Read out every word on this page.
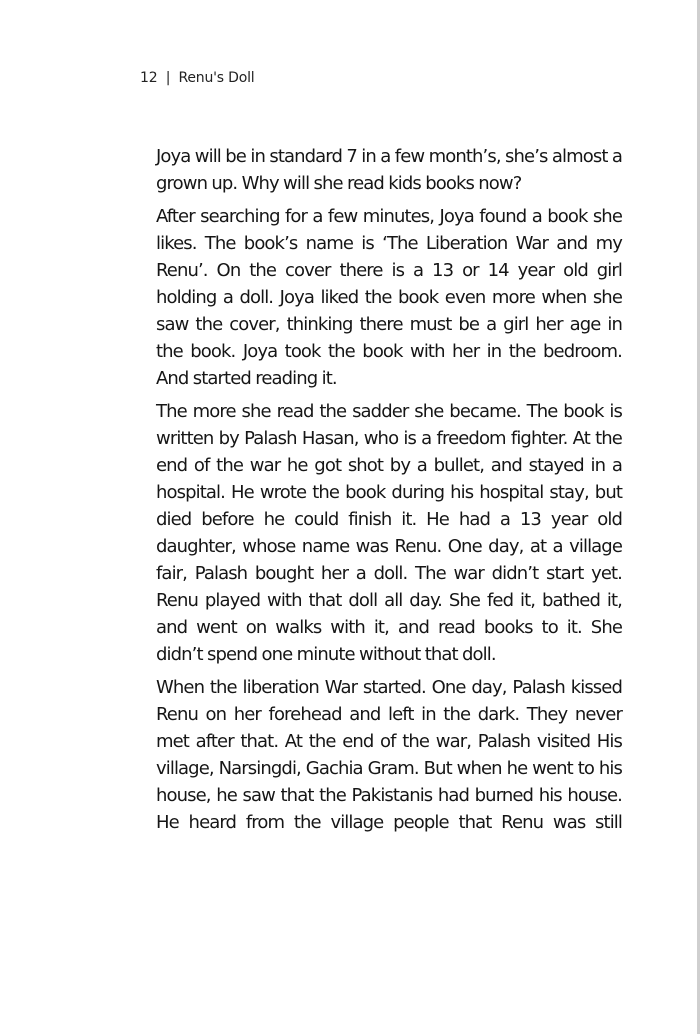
12 | Renu's Doll

Joya will be in standard 7 in a few month’s, she’s almost a grown up. Why will she read kids books now?

After searching for a few minutes, Joya found a book she likes. The book’s name is ‘The Liberation War and my Renu’. On the cover there is a 13 or 14 year old girl holding a doll. Joya liked the book even more when she saw the cover, thinking there must be a girl her age in the book. Joya took the book with her in the bedroom. And started reading it.

The more she read the sadder she became. The book is written by Palash Hasan, who is a freedom fighter. At the end of the war he got shot by a bullet, and stayed in a hospital. He wrote the book during his hospital stay, but died before he could finish it. He had a 13 year old daughter, whose name was Renu. One day, at a village fair, Palash bought her a doll. The war didn’t start yet. Renu played with that doll all day. She fed it, bathed it, and went on walks with it, and read books to it. She didn’t spend one minute without that doll.

When the liberation War started. One day, Palash kissed Renu on her forehead and left in the dark. They never met after that. At the end of the war, Palash visited His village, Narsingdi, Gachia Gram. But when he went to his house, he saw that the Pakistanis had burned his house. He heard from the village people that Renu was still
